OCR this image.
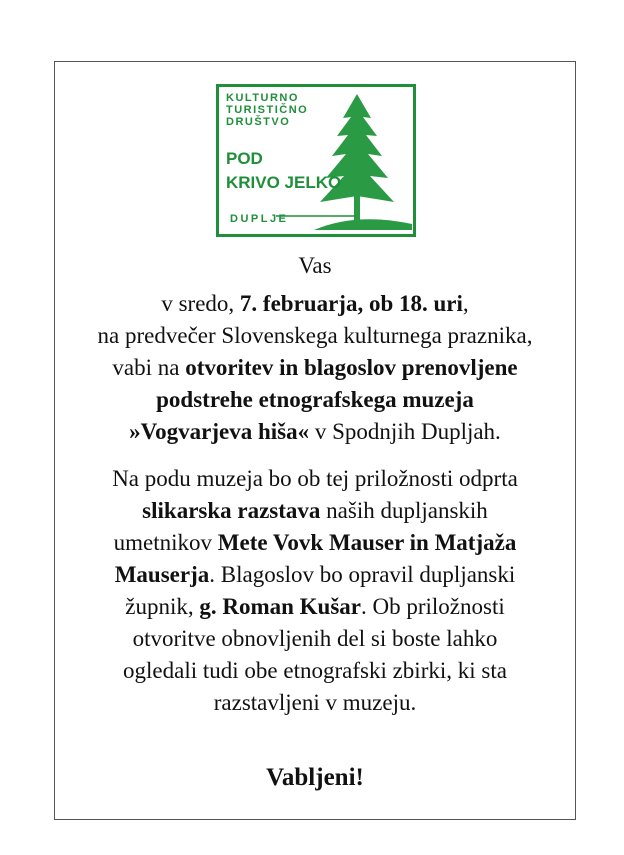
KULTURNO
TURISTIČNO
DRUŠTVO
POD
KRIVO JELKO
DUPLJE
Vas
v sredo, 7. februarja, ob 18. uri,
na predvečer Slovenskega kulturnega praznika,
vabi na otvoritev in blagoslov prenovljene
podstrehe etnografskega muzeja
»Vogvarjeva hiša« v Spodnjih Dupljah.
Na podu muzeja bo ob tej priložnosti odprta
slikarska razstava naših dupljanskih
umetnikov Mete Vovk Mauser in Matjaža
Mauserja. Blagoslov bo opravil dupljanski
župnik, g. Roman Kušar. Ob priložnosti
otvoritve obnovljenih del si boste lahko
ogledali tudi obe etnografski zbirki, ki sta
razstavljeni v muzeju.
Vabljeni!
